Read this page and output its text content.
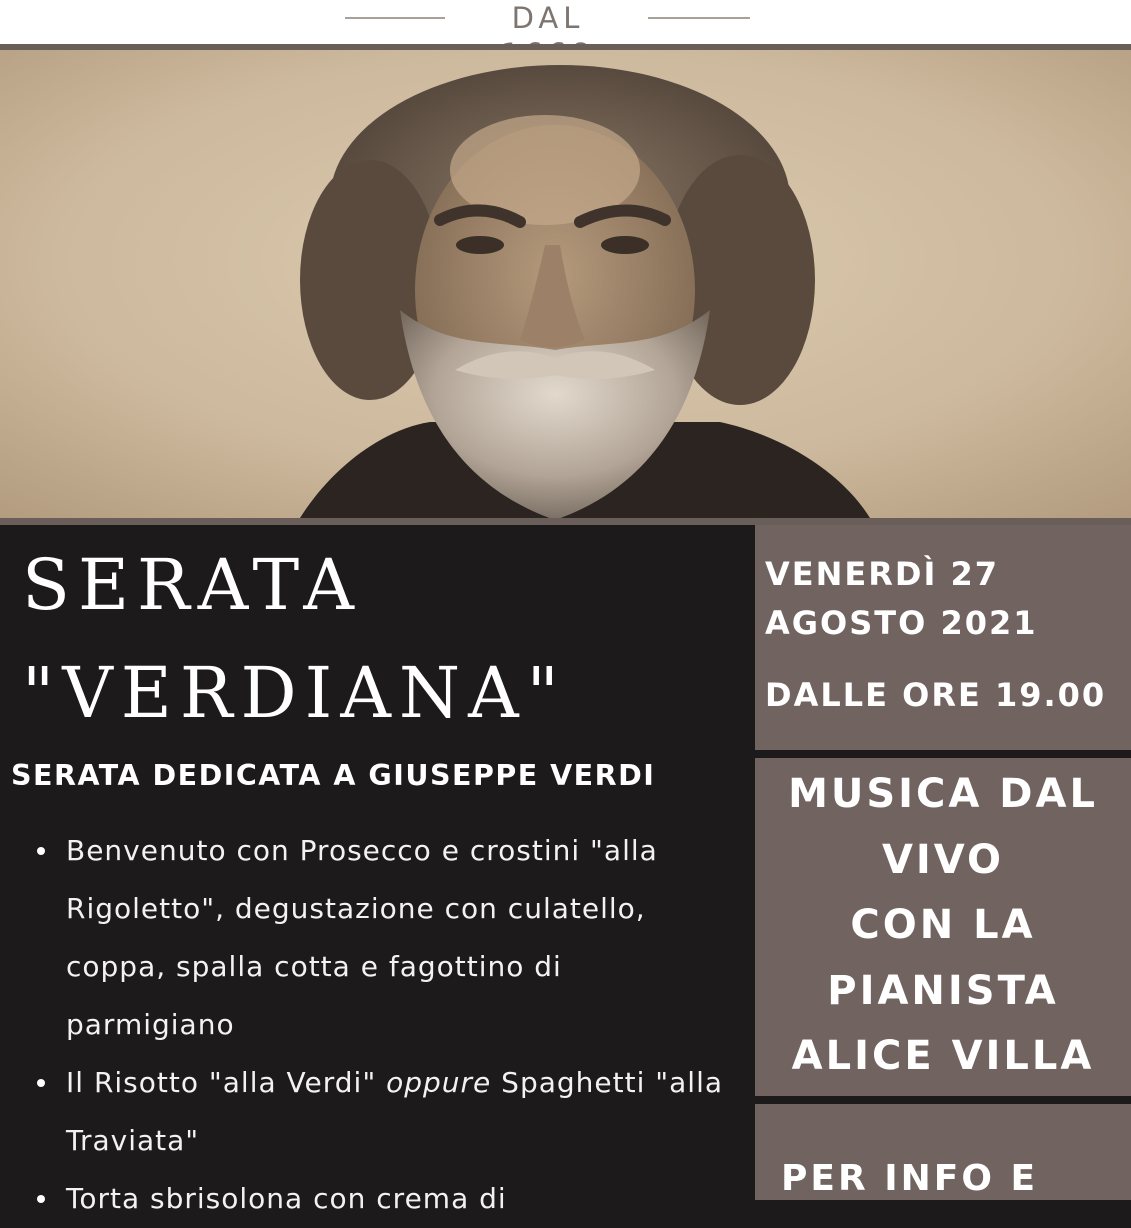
DAL
SERATA
"VERDIANA"
SERATA DEDICATA A GIUSEPPE VERDI
Benvenuto con Prosecco e crostini "alla Rigoletto", degustazione con culatello, coppa, spalla cotta e fagottino di parmigiano
Il Risotto "alla Verdi" oppure Spaghetti "alla Traviata"
Torta sbrisolona con crema di
VENERDÌ 27
AGOSTO 2021
DALLE ORE 19.00
MUSICA DAL
VIVO
CON LA
PIANISTA
ALICE VILLA
PER INFO E
